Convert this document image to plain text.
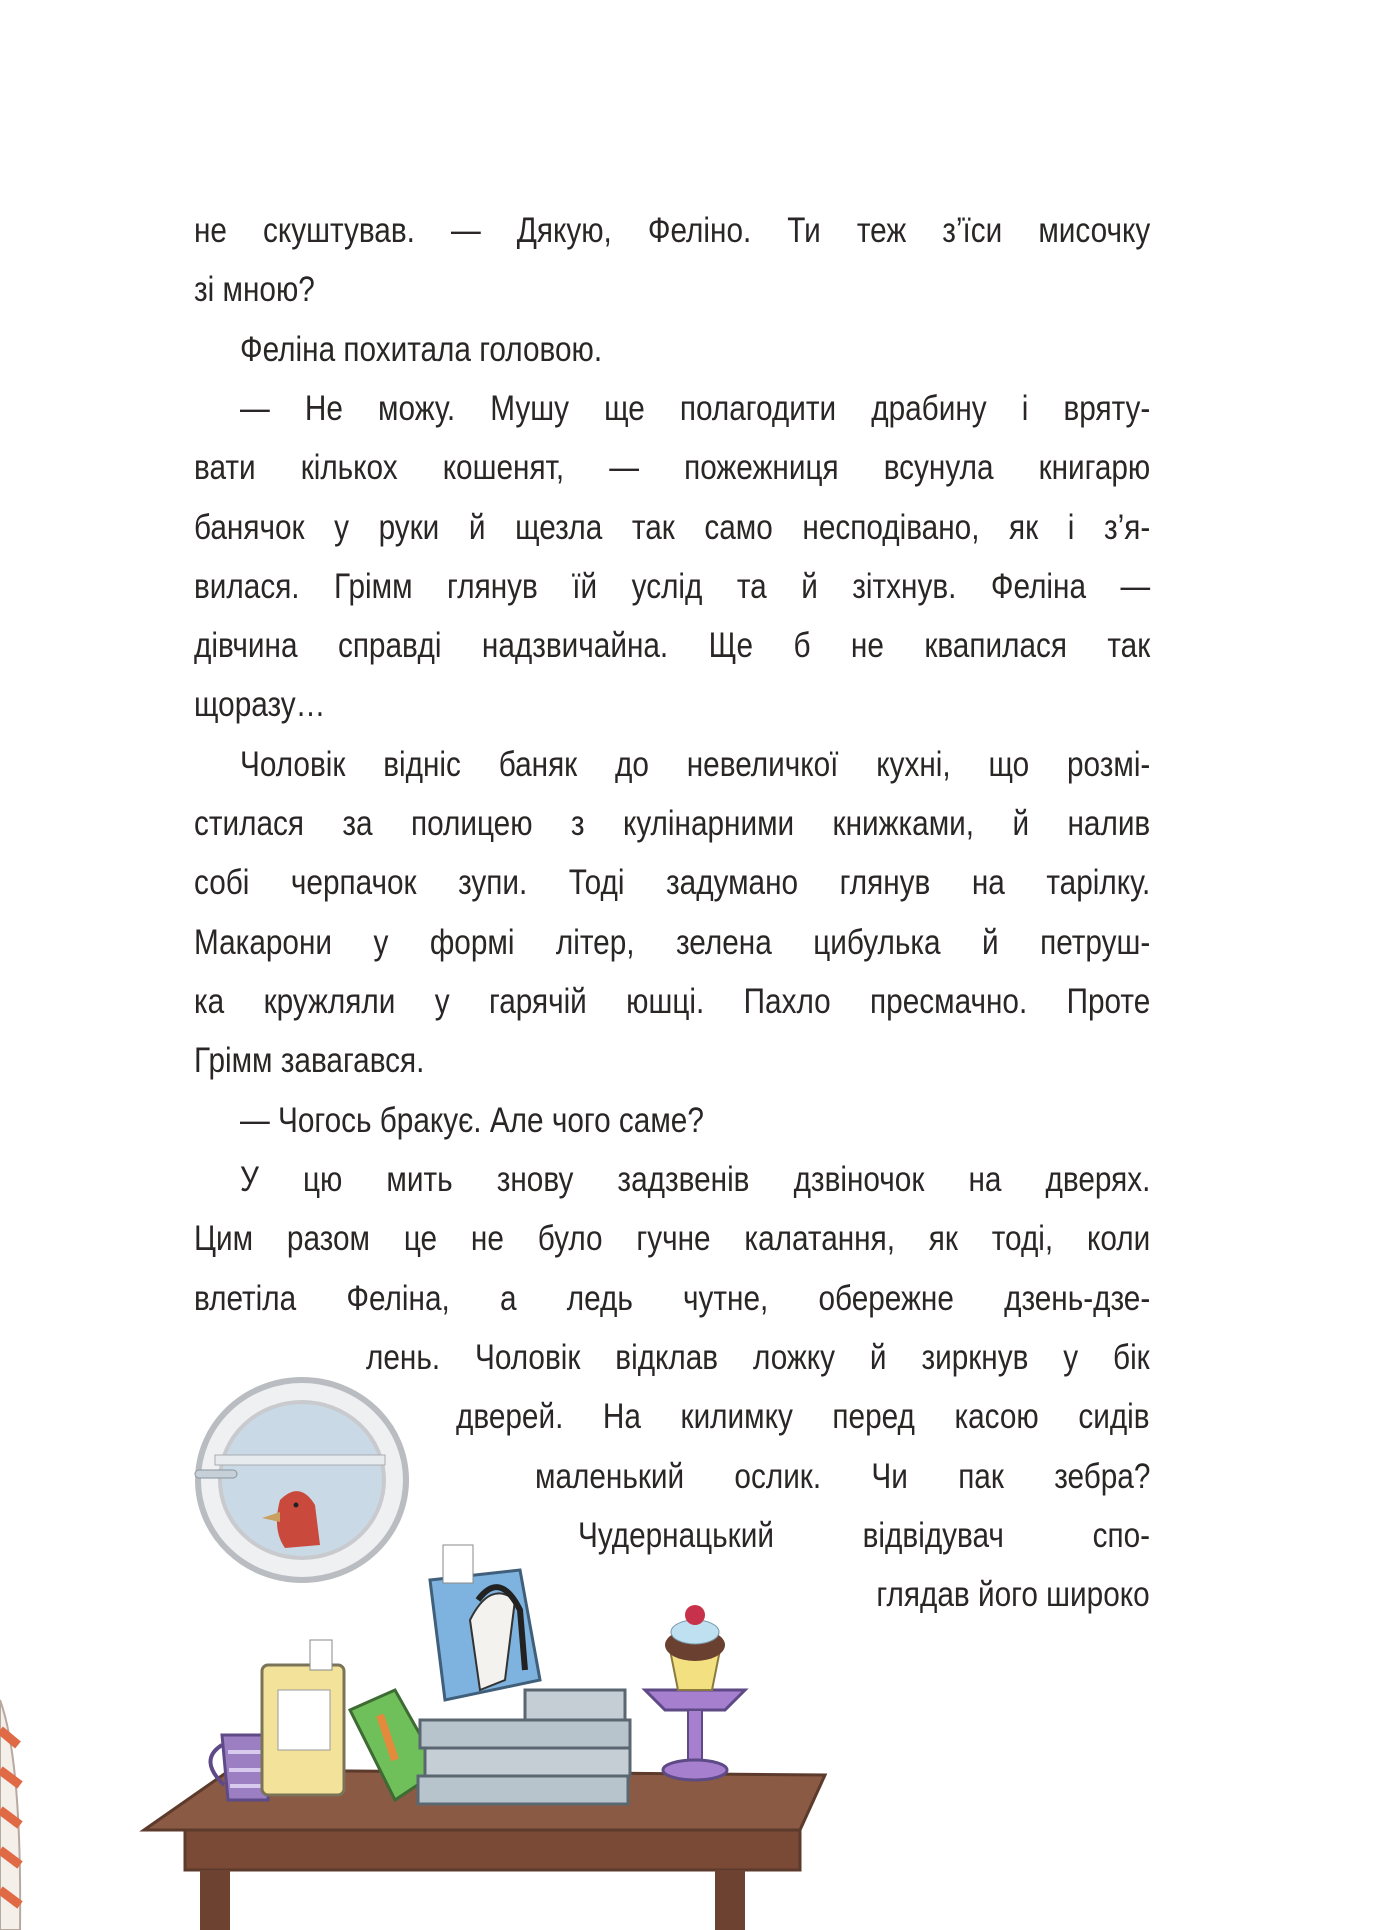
не скуштував. — Дякую, Феліно. Ти теж з’їси мисочку
зі мною?
Феліна похитала головою.
— Не можу. Мушу ще полагодити драбину і вряту-
вати кількох кошенят, — пожежниця всунула книгарю
банячок у руки й щезла так само несподівано, як і з’я-
вилася. Грімм глянув їй услід та й зітхнув. Феліна —
дівчина справді надзвичайна. Ще б не квапилася так
щоразу…
Чоловік відніс баняк до невеличкої кухні, що розмі-
стилася за полицею з кулінарними книжками, й налив
собі черпачок зупи. Тоді задумано глянув на тарілку.
Макарони у формі літер, зелена цибулька й петруш-
ка кружляли у гарячій юшці. Пахло пресмачно. Проте
Грімм завагався.
— Чогось бракує. Але чого саме?
У цю мить знову задзвенів дзвіночок на дверях.
Цим разом це не було гучне калатання, як тоді, коли
влетіла Феліна, а ледь чутне, обережне дзень-дзе-
лень. Чоловік відклав ложку й зиркнув у бік
дверей. На килимку перед касою сидів
маленький ослик. Чи пак зебра?
Чудернацький відвідувач спо-
глядав його широко
